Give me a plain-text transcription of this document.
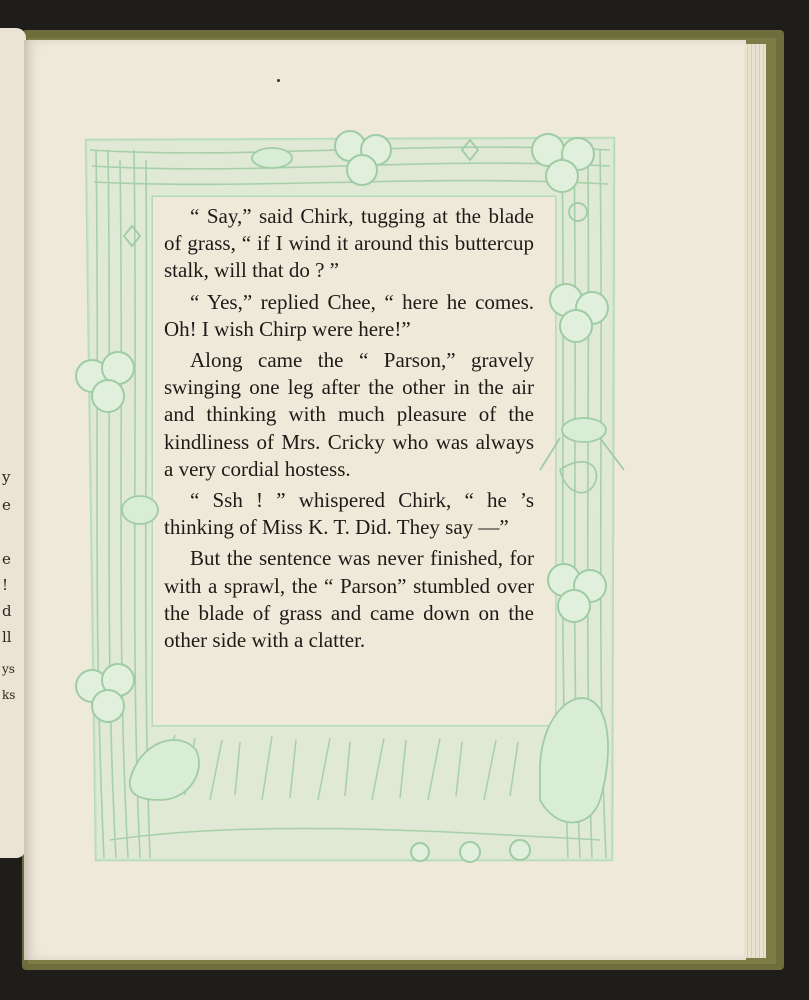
y
e
e
!
d
ll
ys
ks

“ Say,” said Chirk, tugging at the blade of grass, “ if I wind it around this buttercup stalk, will that do ? ”

“ Yes,” replied Chee, “ here he comes. Oh! I wish Chirp were here!”

Along came the “ Parson,” gravely swinging one leg after the other in the air and thinking with much pleasure of the kindliness of Mrs. Cricky who was always a very cordial hostess.

“ Ssh ! ” whispered Chirk, “ he ’s thinking of Miss K. T. Did. They say —”

But the sentence was never finished, for with a sprawl, the “ Parson” stumbled over the blade of grass and came down on the other side with a clatter.
